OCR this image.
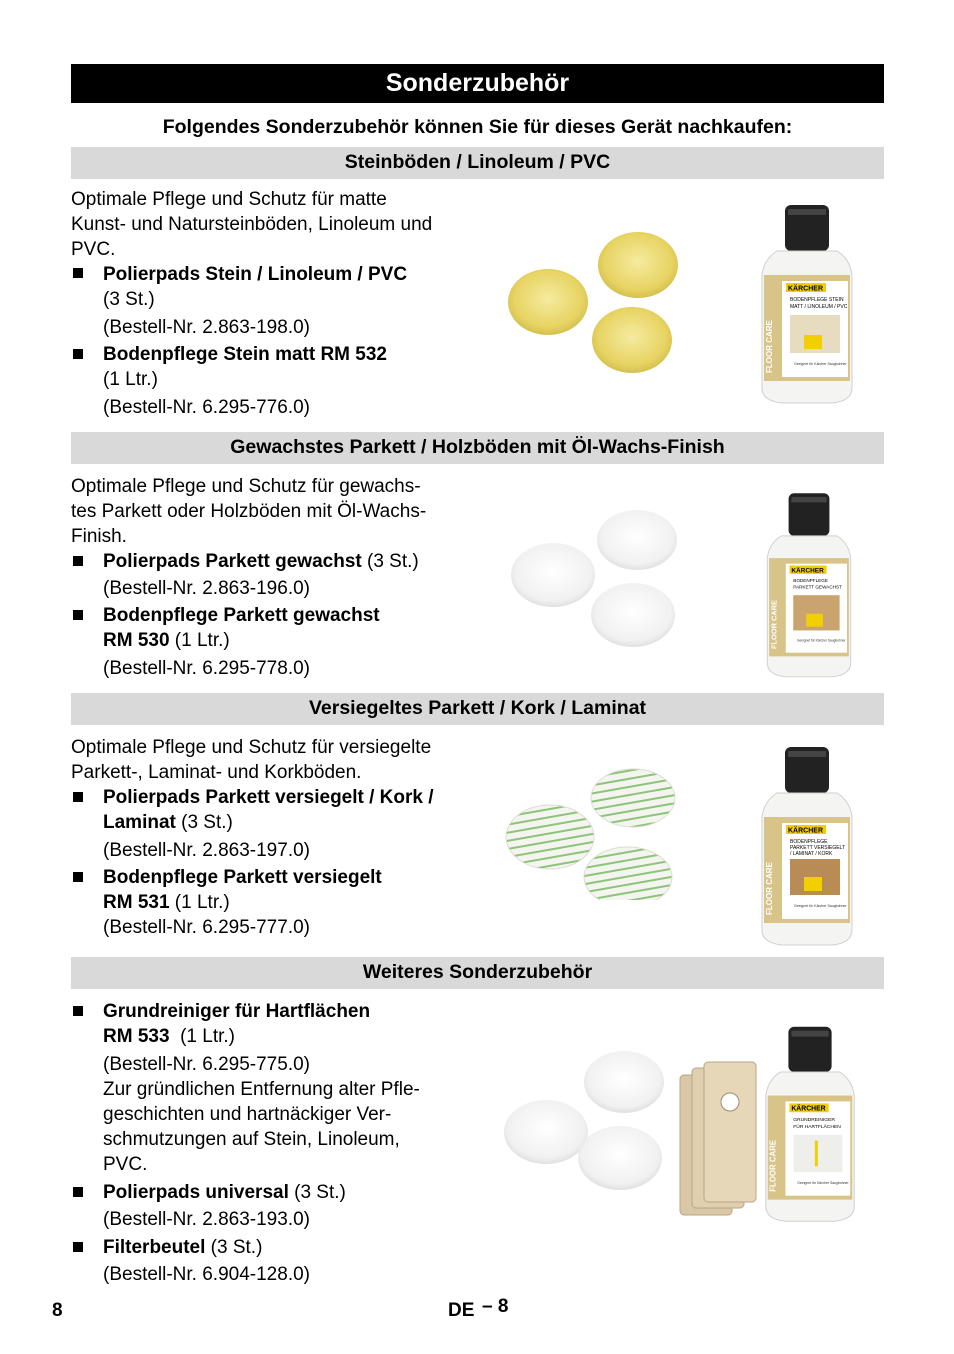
Sonderzubehör
Folgendes Sonderzubehör können Sie für dieses Gerät nachkaufen:
Steinböden / Linoleum / PVC
Optimale Pflege und Schutz für matte
Kunst- und Natursteinböden, Linoleum und
PVC.
Polierpads Stein / Linoleum / PVC
(3 St.)
(Bestell-Nr. 2.863-198.0)
Bodenpflege Stein matt RM 532
(1 Ltr.)
(Bestell-Nr. 6.295-776.0)
Gewachstes Parkett / Holzböden mit Öl-Wachs-Finish
Optimale Pflege und Schutz für gewachs-
tes Parkett oder Holzböden mit Öl-Wachs-
Finish.
Polierpads Parkett gewachst (3 St.)
(Bestell-Nr. 2.863-196.0)
Bodenpflege Parkett gewachst
RM 530 (1 Ltr.)
(Bestell-Nr. 6.295-778.0)
Versiegeltes Parkett / Kork / Laminat
Optimale Pflege und Schutz für versiegelte
Parkett-, Laminat- und Korkböden.
Polierpads Parkett versiegelt / Kork /
Laminat (3 St.)
(Bestell-Nr. 2.863-197.0)
Bodenpflege Parkett versiegelt
RM 531 (1 Ltr.)
(Bestell-Nr. 6.295-777.0)
Weiteres Sonderzubehör
Grundreiniger für Hartflächen
RM 533  (1 Ltr.)
(Bestell-Nr. 6.295-775.0)
Zur gründlichen Entfernung alter Pfle-
geschichten und hartnäckiger Ver-
schmutzungen auf Stein, Linoleum,
PVC.
Polierpads universal (3 St.)
(Bestell-Nr. 2.863-193.0)
Filterbeutel (3 St.)
(Bestell-Nr. 6.904-128.0)
KÄRCHER
BODENPFLEGE STEIN
MATT / LINOLEUM / PVC
FLOOR CARE	Geeignet für Kärcher Saugbohner
KÄRCHER
BODENPFLEGE
PARKETT GEWACHST
FLOOR CARE	Geeignet für Kärcher Saugbohner
KÄRCHER
BODENPFLEGE
PARKETT VERSIEGELT
/ LAMINAT / KORK
FLOOR CARE	Geeignet für Kärcher Saugbohner
KÄRCHER
GRUNDREINIGER
FÜR HARTFLÄCHEN
FLOOR CARE	Geeignet für Kärcher Saugbohner
8	DE – 8
